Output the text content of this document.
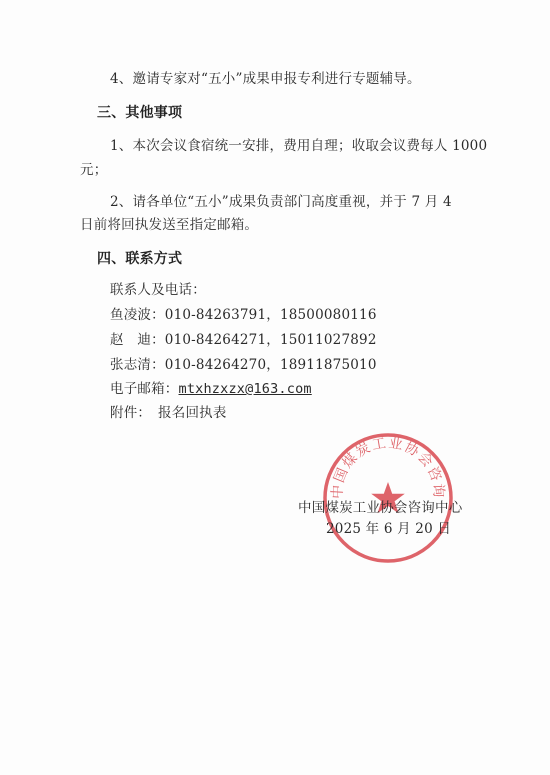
4、邀请专家对“五小”成果申报专利进行专题辅导。
三、其他事项
1、本次会议食宿统一安排，费用自理；收取会议费每人 1000
元；
2、请各单位“五小”成果负责部门高度重视，并于 7 月 4
日前将回执发送至指定邮箱。
四、联系方式
联系人及电话：
鱼凌波：010-84263791，18500080116
赵　迪：010-84264271，15011027892
张志清：010-84264270，18911875010
电子邮箱：mtxhzxzx@163.com
附件：　报名回执表
中国煤炭工业协会咨询
中国煤炭工业协会咨询中心
2025 年 6 月 20 日
